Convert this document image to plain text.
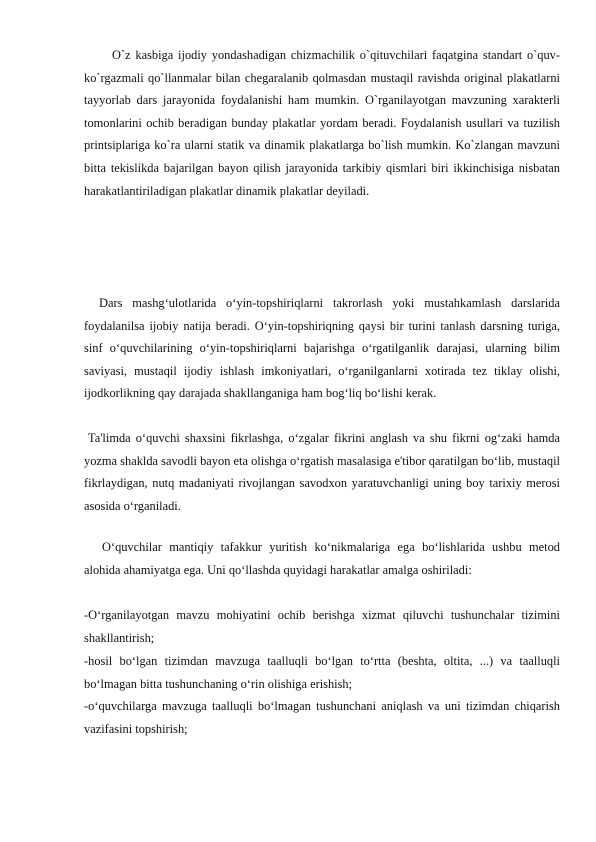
O`z kasbiga ijodiy yondashadigan chizmachilik o`qituvchilari faqatgina standart o`quv-ko`rgazmali qo`llanmalar bilan chegaralanib qolmasdan mustaqil ravishda original plakatlarni tayyorlab dars jarayonida foydalanishi ham mumkin. O`rganilayotgan mavzuning xarakterli tomonlarini ochib beradigan bunday plakatlar yordam beradi. Foydalanish usullari va tuzilish printsiplariga ko`ra ularni statik va dinamik plakatlarga bo`lish mumkin. Ko`zlangan mavzuni bitta tekislikda bajarilgan bayon qilish jarayonida tarkibiy qismlari biri ikkinchisiga nisbatan harakatlantiriladigan plakatlar dinamik plakatlar deyiladi.

Dars mashg‘ulotlarida o‘yin-topshiriqlarni takrorlash yoki mustahkamlash darslarida foydalanilsa ijobiy natija beradi. O‘yin-topshiriqning qaysi bir turini tanlash darsning turiga, sinf o‘quvchilarining o‘yin-topshiriqlarni bajarishga o‘rgatilganlik darajasi, ularning bilim saviyasi, mustaqil ijodiy ishlash imkoniyatlari, o‘rganilganlarni xotirada tez tiklay olishi, ijodkorlikning qay darajada shakllanganiga ham bog‘liq bo‘lishi kerak.

Ta'limda o‘quvchi shaxsini fikrlashga, o‘zgalar fikrini anglash va shu fikrni og‘zaki hamda yozma shaklda savodli bayon eta olishga o‘rgatish masalasiga e'tibor qaratilgan bo‘lib, mustaqil fikrlaydigan, nutq madaniyati rivojlangan savodxon yaratuvchanligi uning boy tarixiy merosi asosida o‘rganiladi.

O‘quvchilar mantiqiy tafakkur yuritish ko‘nikmalariga ega bo‘lishlarida ushbu metod alohida ahamiyatga ega. Uni qo‘llashda quyidagi harakatlar amalga oshiriladi:

-O‘rganilayotgan mavzu mohiyatini ochib berishga xizmat qiluvchi tushunchalar tizimini shakllantirish;

-hosil bo‘lgan tizimdan mavzuga taalluqli bo‘lgan to‘rtta (beshta, oltita, ...) va taalluqli bo‘lmagan bitta tushunchaning o‘rin olishiga erishish;

-o‘quvchilarga mavzuga taalluqli bo‘lmagan tushunchani aniqlash va uni tizimdan chiqarish vazifasini topshirish;
